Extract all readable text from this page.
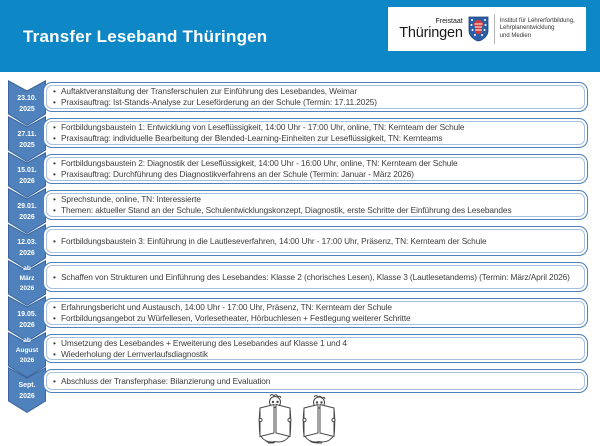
Transfer Leseband Thüringen
Freistaat
Thüringen
Institut für Lehrerfortbildung,
Lehrplanentwicklung
und Medien
23.10.
2025
• Auftaktveranstaltung der Transferschulen zur Einführung des Lesebandes, Weimar
• Praxisauftrag: Ist-Stands-Analyse zur Leseförderung an der Schule (Termin: 17.11.2025)
27.11.
2025
• Fortbildungsbaustein 1: Entwicklung von Leseflüssigkeit, 14:00 Uhr - 17:00 Uhr, online, TN: Kernteam der Schule
• Praxisauftrag: individuelle Bearbeitung der Blended-Learning-Einheiten zur Leseflüssigkeit, TN: Kernteams
15.01.
2026
• Fortbildungsbaustein 2: Diagnostik der Leseflüssigkeit, 14:00 Uhr - 16:00 Uhr, online, TN: Kernteam der Schule
• Praxisauftrag: Durchführung des Diagnostikverfahrens an der Schule (Termin: Januar - März 2026)
29.01.
2026
• Sprechstunde, online, TN: Interessierte
• Themen: aktueller Stand an der Schule, Schulentwicklungskonzept, Diagnostik, erste Schritte der Einführung des Lesebandes
12.03.
2026
• Fortbildungsbaustein 3: Einführung in die Lautleseverfahren, 14:00 Uhr - 17:00 Uhr, Präsenz, TN: Kernteam der Schule
ab
März
2026
• Schaffen von Strukturen und Einführung des Lesebandes: Klasse 2 (chorisches Lesen), Klasse 3 (Lautlesetandems) (Termin: März/April 2026)
19.05.
2026
• Erfahrungsbericht und Austausch, 14:00 Uhr - 17:00 Uhr, Präsenz, TN: Kernteam der Schule
• Fortbildungsangebot zu Würfellesen, Vorlesetheater, Hörbuchlesen + Festlegung weiterer Schritte
ab
August
2026
• Umsetzung des Lesebandes + Erweiterung des Lesebandes auf Klasse 1 und 4
• Wiederholung der Lernverlaufsdiagnostik
Sept.
2026
• Abschluss der Transferphase: Bilanzierung und Evaluation
